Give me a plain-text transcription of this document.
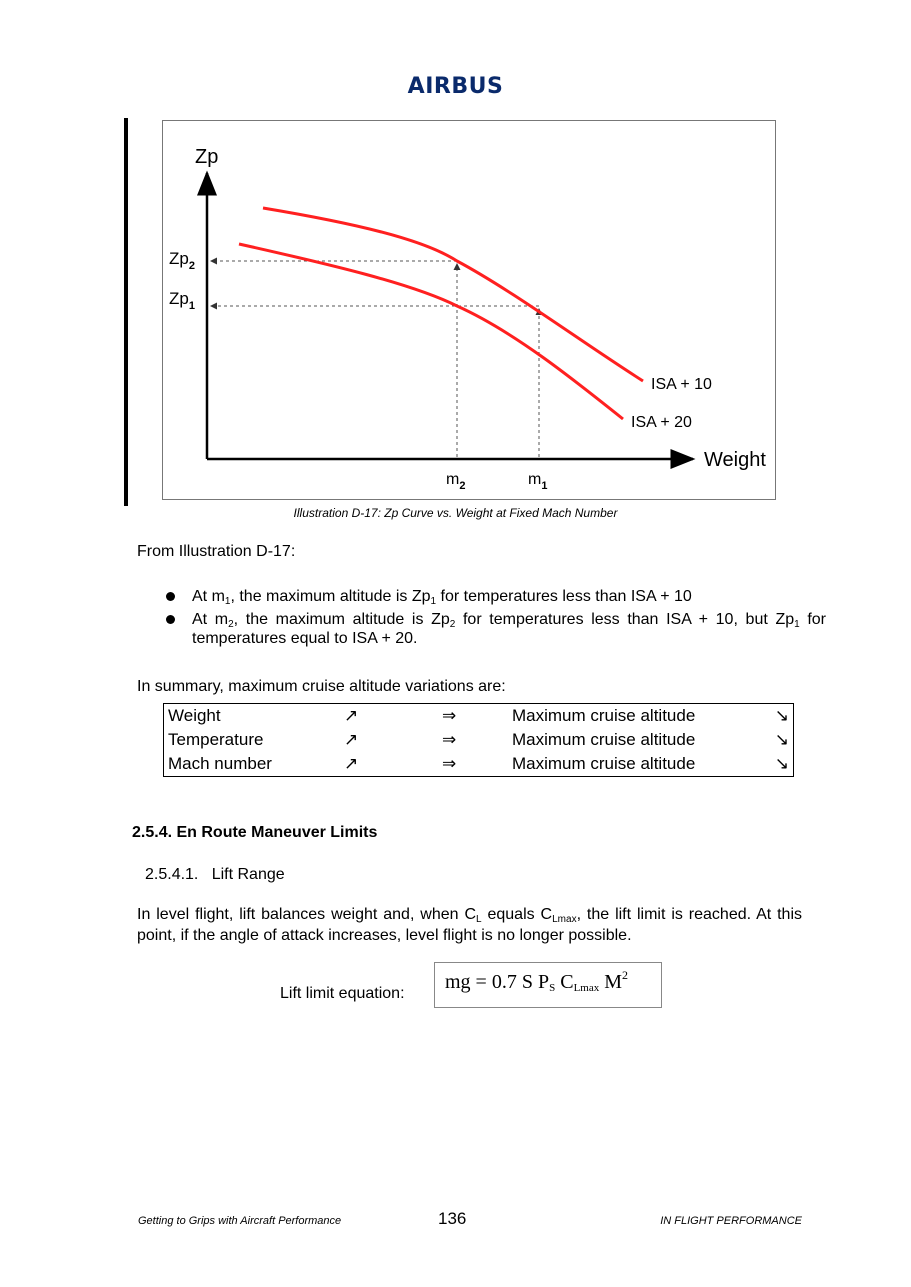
AIRBUS
Zp
Weight
$Zp_2$
$Zp_1$
$m_2$	$m_1$
ISA + 10
ISA + 20
Illustration D-17: Zp Curve vs. Weight at Fixed Mach Number
From Illustration D-17:
At $m_1$, the maximum altitude is $Zp_1$ for temperatures less than ISA + 10
At $m_2$, the maximum altitude is $Zp_2$ for temperatures less than ISA + 10, but $Zp_1$ for temperatures equal to ISA + 20.
In summary, maximum cruise altitude variations are:
Weight	↗	⇒	Maximum cruise altitude	↘
Temperature	↗	⇒	Maximum cruise altitude	↘
Mach number	↗	⇒	Maximum cruise altitude	↘
2.5.4. En Route Maneuver Limits
2.5.4.1.   Lift Range
In level flight, lift balances weight and, when $C_L$ equals $C_{Lmax}$, the lift limit is reached. At this point, if the angle of attack increases, level flight is no longer possible.
Lift limit equation:
mg = 0.7 S $P_S$ $C_{Lmax}$ $M^2$
Getting to Grips with Aircraft Performance	136	IN FLIGHT PERFORMANCE
